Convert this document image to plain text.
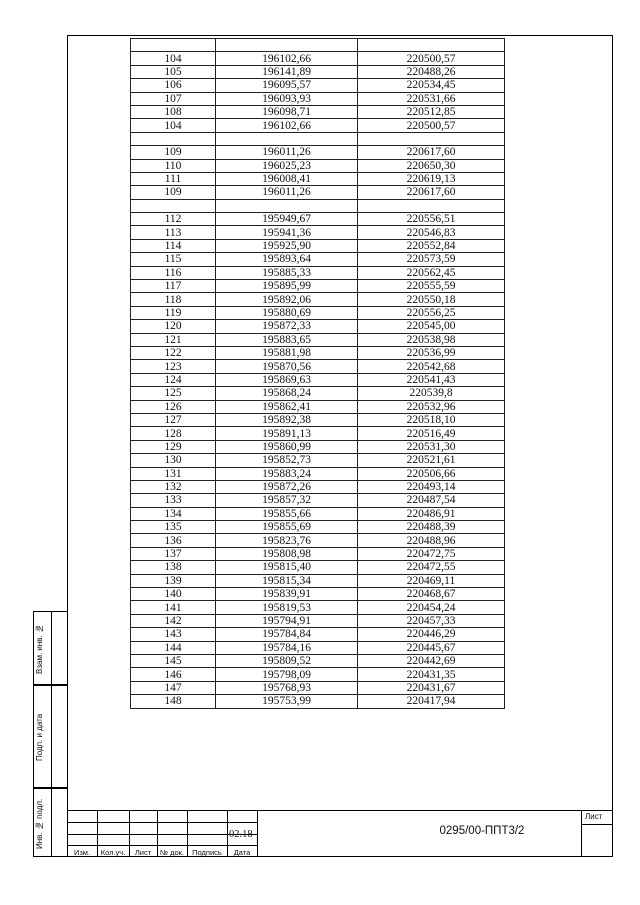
Взам. инв. №
Подп. и дата
Инв. № подл.

104	196102,66	220500,57
105	196141,89	220488,26
106	196095,57	220534,45
107	196093,93	220531,66
108	196098,71	220512,85
104	196102,66	220500,57

109	196011,26	220617,60
110	196025,23	220650,30
111	196008,41	220619,13
109	196011,26	220617,60

112	195949,67	220556,51
113	195941,36	220546,83
114	195925,90	220552,84
115	195893,64	220573,59
116	195885,33	220562,45
117	195895,99	220555,59
118	195892,06	220550,18
119	195880,69	220556,25
120	195872,33	220545,00
121	195883,65	220538,98
122	195881,98	220536,99
123	195870,56	220542,68
124	195869,63	220541,43
125	195868,24	220539,8
126	195862,41	220532,96
127	195892,38	220518,10
128	195891,13	220516,49
129	195860,99	220531,30
130	195852,73	220521,61
131	195883,24	220506,66
132	195872,26	220493,14
133	195857,32	220487,54
134	195855,66	220486,91
135	195855,69	220488,39
136	195823,76	220488,96
137	195808,98	220472,75
138	195815,40	220472,55
139	195815,34	220469,11
140	195839,91	220468,67
141	195819,53	220454,24
142	195794,91	220457,33
143	195784,84	220446,29
144	195784,16	220445,67
145	195809,52	220442,69
146	195798,09	220431,35
147	195768,93	220431,67
148	195753,99	220417,94
Изм.	Кол.уч.	Лист	№ док.	Подпись	Дата
02.18	0295/00-ППТ3/2
Лист
